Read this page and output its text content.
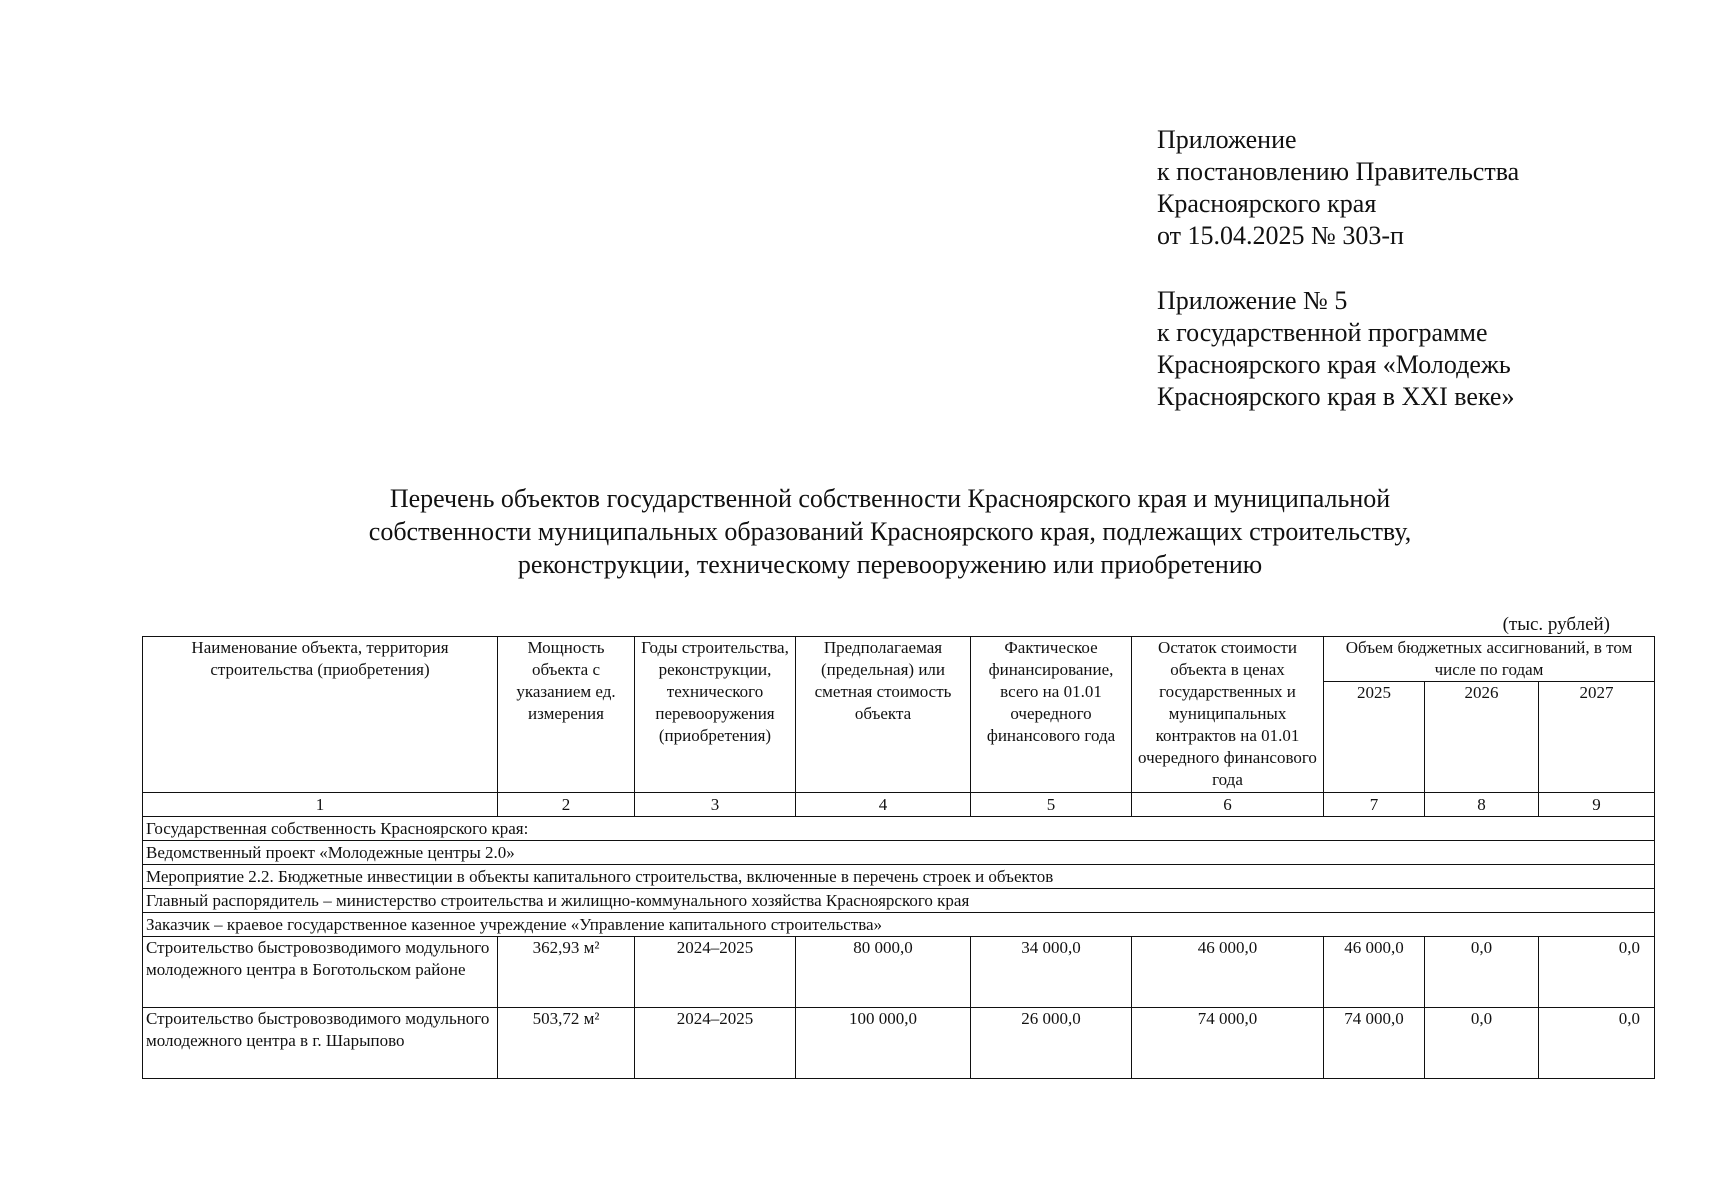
Приложение
к постановлению Правительства
Красноярского края
от 15.04.2025 № 303-п
Приложение № 5
к государственной программе
Красноярского края «Молодежь
Красноярского края в XXI веке»
Перечень объектов государственной собственности Красноярского края и муниципальной
собственности муниципальных образований Красноярского края, подлежащих строительству,
реконструкции, техническому перевооружению или приобретению
(тыс. рублей)
Наименование объекта, территория строительства (приобретения)	Мощность объекта с указанием ед. измерения	Годы строительства, реконструкции, технического перевооружения (приобретения)	Предполагаемая (предельная) или сметная стоимость объекта	Фактическое финансирование, всего на 01.01 очередного финансового года	Остаток стоимости объекта в ценах государственных и муниципальных контрактов на 01.01 очередного финансового года	Объем бюджетных ассигнований, в том числе по годам		
						2025	2026	2027
1	2	3	4	5	6	7	8	9
Государственная собственность Красноярского края:								
Ведомственный проект «Молодежные центры 2.0»								
Мероприятие 2.2. Бюджетные инвестиции в объекты капитального строительства, включенные в перечень строек и объектов								
Главный распорядитель – министерство строительства и жилищно-коммунального хозяйства Красноярского края								
Заказчик – краевое государственное казенное учреждение «Управление капитального строительства»								
Строительство быстровозводимого модульного молодежного центра в Боготольском районе	362,93 м²	2024–2025	80 000,0	34 000,0	46 000,0	46 000,0	0,0	0,0
Строительство быстровозводимого модульного молодежного центра в г. Шарыпово	503,72 м²	2024–2025	100 000,0	26 000,0	74 000,0	74 000,0	0,0	0,0
